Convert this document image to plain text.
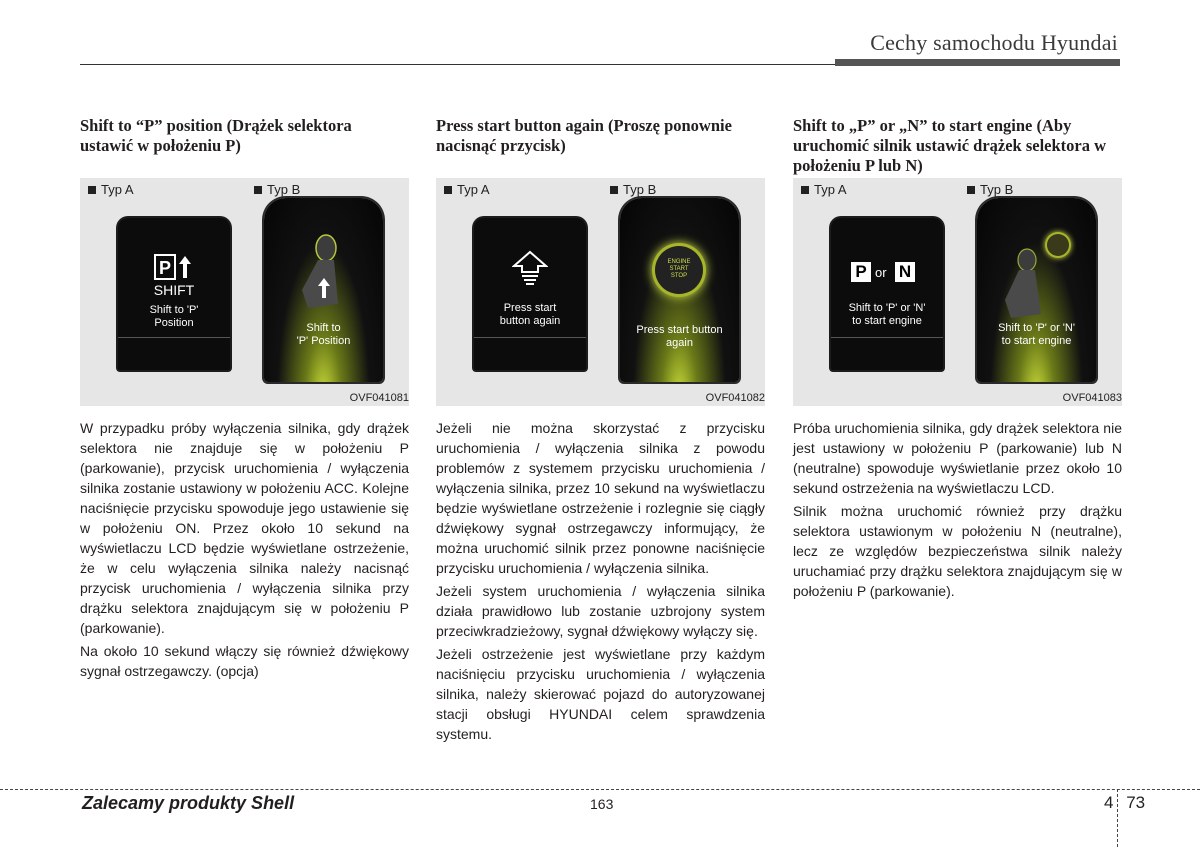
Cechy samochodu Hyundai
Shift to “P” position (Drążek selektora ustawić w położeniu P)
Typ A	Typ B
P
SHIFT
Shift to 'P'
Position	Shift to
'P' Position
OVF041081

W przypadku próby wyłączenia silnika, gdy drążek selektora nie znajduje się w położeniu P (parkowanie), przycisk uruchomienia / wyłączenia silnika zostanie ustawiony w położeniu ACC. Kolejne naciśnięcie przycisku spowoduje jego ustawienie się w położeniu ON. Przez około 10 sekund na wyświetlaczu LCD będzie wyświetlane ostrzeżenie, że w celu wyłączenia silnika należy nacisnąć przycisk uruchomienia / wyłączenia silnika przy drążku selektora znajdującym się w położeniu P (parkowanie).

Na około 10 sekund włączy się również dźwiękowy sygnał ostrzegawczy. (opcja)

Press start button again (Proszę ponownie nacisnąć przycisk)
Typ A	Typ B
Press start
button again
ENGINE
START
STOP
Press start button
again
OVF041082

Jeżeli nie można skorzystać z przycisku uruchomienia / wyłączenia silnika z powodu problemów z systemem przycisku uruchomienia / wyłączenia silnika, przez 10 sekund na wyświetlaczu będzie wyświetlane ostrzeżenie i rozlegnie się ciągły dźwiękowy sygnał ostrzegawczy informujący, że można uruchomić silnik przez ponowne naciśnięcie przycisku uruchomienia / wyłączenia silnika.

Jeżeli system uruchomienia / wyłączenia silnika działa prawidłowo lub zostanie uzbrojony system przeciwkradzieżowy, sygnał dźwiękowy wyłączy się.

Jeżeli ostrzeżenie jest wyświetlane przy każdym naciśnięciu przycisku uruchomienia / wyłączenia silnika, należy skierować pojazd do autoryzowanej stacji obsługi HYUNDAI celem sprawdzenia systemu.

Shift to „P” or „N” to start engine (Aby uruchomić silnik ustawić drążek selektora w położeniu P lub N)
Typ A	Typ B
P or N
Shift to 'P' or 'N'
to start engine
Shift to 'P' or 'N'
to start engine
OVF041083

Próba uruchomienia silnika, gdy drążek selektora nie jest ustawiony w położeniu P (parkowanie) lub N (neutralne) spowoduje wyświetlanie przez około 10 sekund ostrzeżenia na wyświetlaczu LCD.

Silnik można uruchomić również przy drążku selektora ustawionym w położeniu N (neutralne), lecz ze względów bezpieczeństwa silnik należy uruchamiać przy drążku selektora znajdującym się w położeniu P (parkowanie).

Zalecamy produkty Shell	163	4 73
